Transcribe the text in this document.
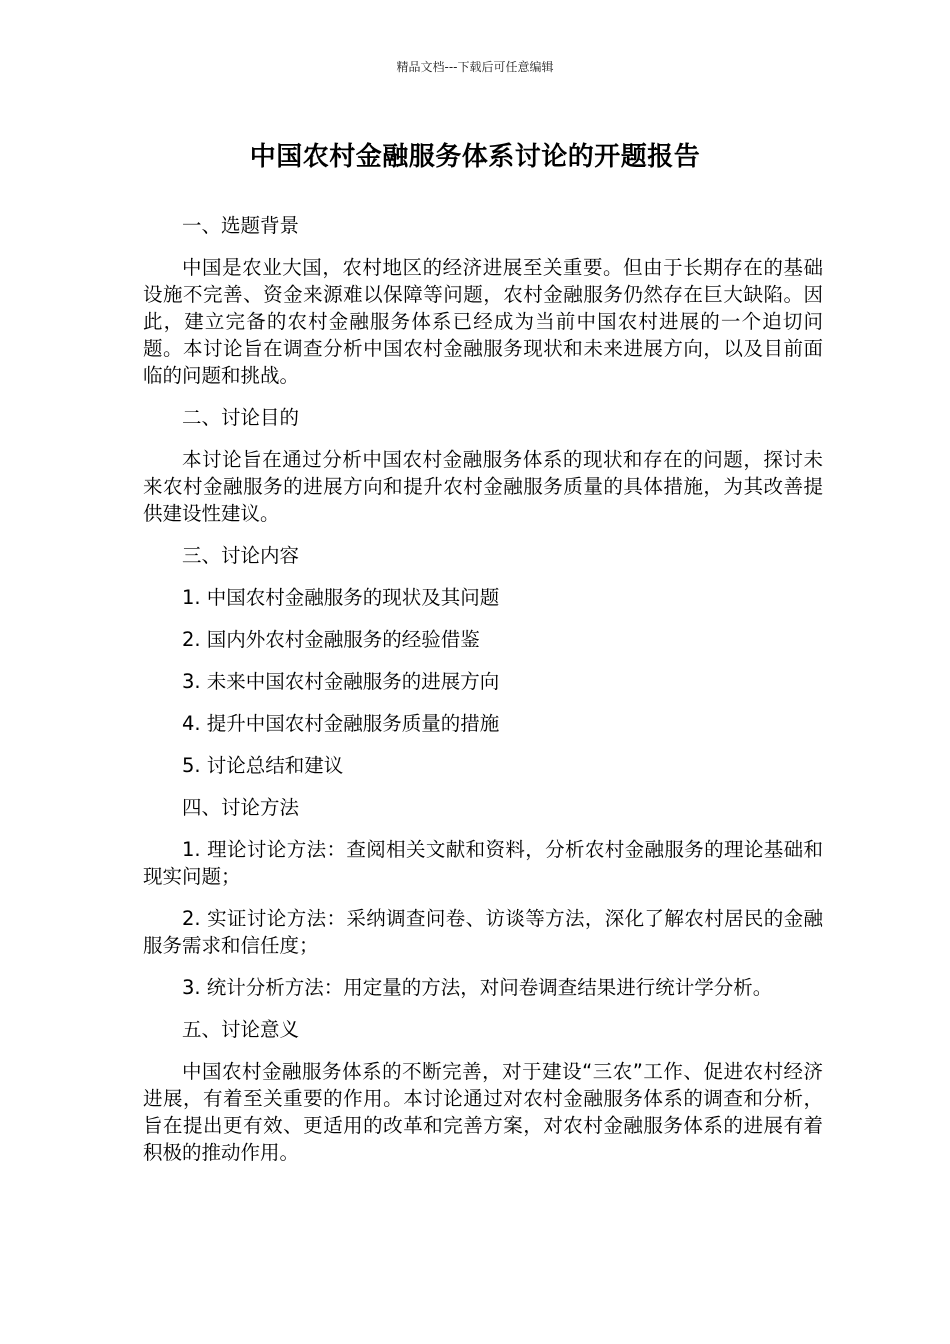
精品文档---下载后可任意编辑
中国农村金融服务体系讨论的开题报告

一、选题背景

中国是农业大国，农村地区的经济进展至关重要。但由于长期存在的基础设施不完善、资金来源难以保障等问题，农村金融服务仍然存在巨大缺陷。因此，建立完备的农村金融服务体系已经成为当前中国农村进展的一个迫切问题。本讨论旨在调查分析中国农村金融服务现状和未来进展方向，以及目前面临的问题和挑战。

二、讨论目的

本讨论旨在通过分析中国农村金融服务体系的现状和存在的问题，探讨未来农村金融服务的进展方向和提升农村金融服务质量的具体措施，为其改善提供建设性建议。

三、讨论内容

1. 中国农村金融服务的现状及其问题

2. 国内外农村金融服务的经验借鉴

3. 未来中国农村金融服务的进展方向

4. 提升中国农村金融服务质量的措施

5. 讨论总结和建议

四、讨论方法

1. 理论讨论方法：查阅相关文献和资料，分析农村金融服务的理论基础和现实问题；

2. 实证讨论方法：采纳调查问卷、访谈等方法，深化了解农村居民的金融服务需求和信任度；

3. 统计分析方法：用定量的方法，对问卷调查结果进行统计学分析。

五、讨论意义

中国农村金融服务体系的不断完善，对于建设“三农”工作、促进农村经济进展，有着至关重要的作用。本讨论通过对农村金融服务体系的调查和分析，旨在提出更有效、更适用的改革和完善方案，对农村金融服务体系的进展有着积极的推动作用。
